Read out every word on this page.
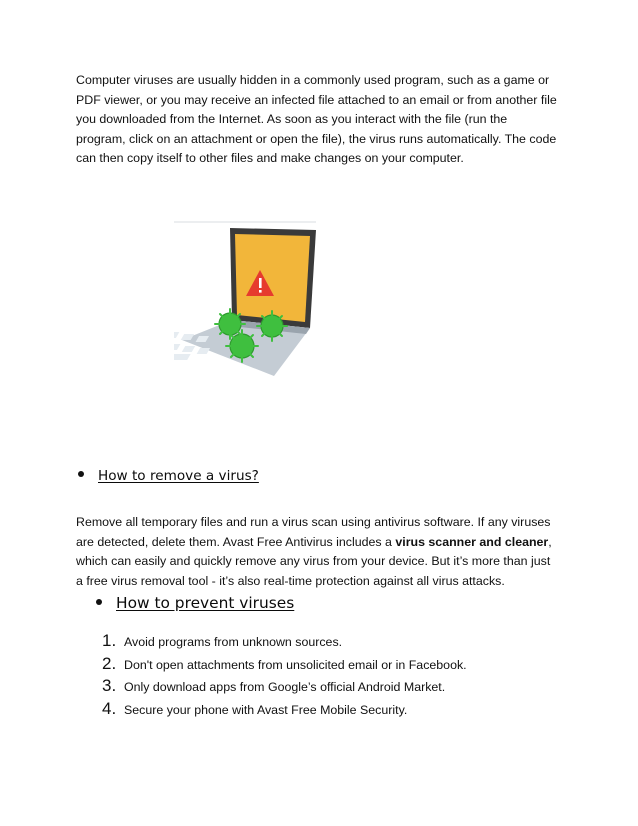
Computer viruses are usually hidden in a commonly used program, such as a game or
PDF viewer, or you may receive an infected file attached to an email or from another file
you downloaded from the Internet. As soon as you interact with the file (run the
program, click on an attachment or open the file), the virus runs automatically. The code
can then copy itself to other files and make changes on your computer.

How to remove a virus?

Remove all temporary files and run a virus scan using antivirus software. If any viruses
are detected, delete them. Avast Free Antivirus includes a virus scanner and cleaner,
which can easily and quickly remove any virus from your device. But it’s more than just
a free virus removal tool - it’s also real-time protection against all virus attacks.

How to prevent viruses
1. Avoid programs from unknown sources.
2. Don't open attachments from unsolicited email or in Facebook.
3. Only download apps from Google’s official Android Market.
4. Secure your phone with Avast Free Mobile Security.
